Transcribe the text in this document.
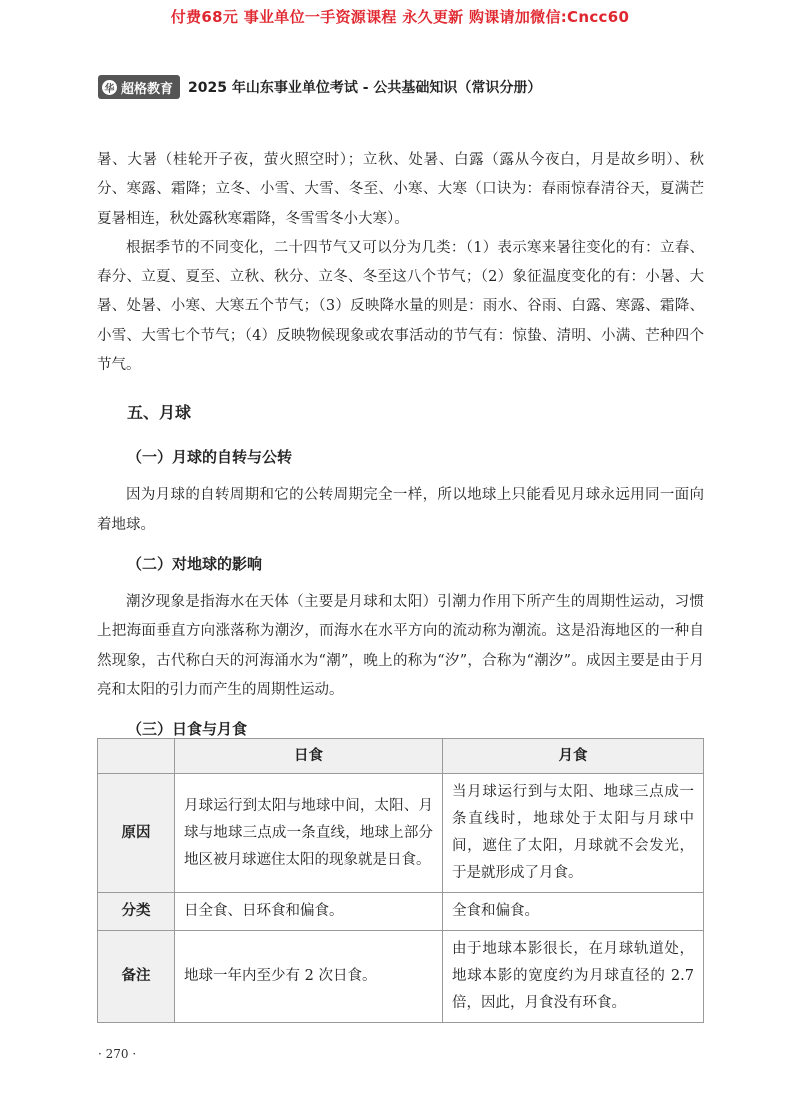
付费68元 事业单位一手资源课程 永久更新 购课请加微信:Cncc60
华 超格教育 2025 年山东事业单位考试 - 公共基础知识（常识分册）

暑、大暑（桂轮开子夜，萤火照空时）；立秋、处暑、白露（露从今夜白，月是故乡明）、秋分、寒露、霜降；立冬、小雪、大雪、冬至、小寒、大寒（口诀为：春雨惊春清谷天，夏满芒夏暑相连，秋处露秋寒霜降，冬雪雪冬小大寒）。

根据季节的不同变化，二十四节气又可以分为几类：（1）表示寒来暑往变化的有：立春、春分、立夏、夏至、立秋、秋分、立冬、冬至这八个节气；（2）象征温度变化的有：小暑、大暑、处暑、小寒、大寒五个节气；（3）反映降水量的则是：雨水、谷雨、白露、寒露、霜降、小雪、大雪七个节气；（4）反映物候现象或农事活动的节气有：惊蛰、清明、小满、芒种四个节气。

五、月球
（一）月球的自转与公转

因为月球的自转周期和它的公转周期完全一样，所以地球上只能看见月球永远用同一面向着地球。

（二）对地球的影响

潮汐现象是指海水在天体（主要是月球和太阳）引潮力作用下所产生的周期性运动，习惯上把海面垂直方向涨落称为潮汐，而海水在水平方向的流动称为潮流。这是沿海地区的一种自然现象，古代称白天的河海涌水为“潮”，晚上的称为“汐”，合称为“潮汐”。成因主要是由于月亮和太阳的引力而产生的周期性运动。

（三）日食与月食
	日食	月食
原因	月球运行到太阳与地球中间，太阳、月球与地球三点成一条直线，地球上部分地区被月球遮住太阳的现象就是日食。	当月球运行到与太阳、地球三点成一条直线时，地球处于太阳与月球中间，遮住了太阳，月球就不会发光，于是就形成了月食。
分类	日全食、日环食和偏食。	全食和偏食。
备注	地球一年内至少有 2 次日食。	由于地球本影很长，在月球轨道处，地球本影的宽度约为月球直径的 2.7 倍，因此，月食没有环食。
· 270 ·
